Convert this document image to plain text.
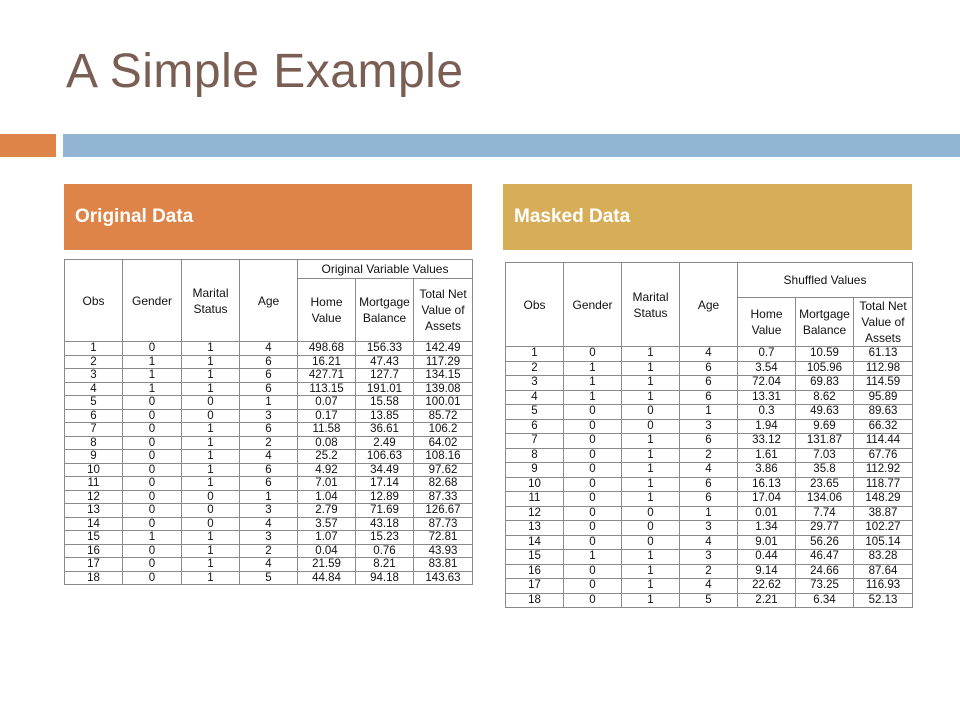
A Simple Example
Original Data	Masked Data
Obs	Gender	Marital Status	Age	Original Variable Values		
				Home Value	Mortgage Balance	Total Net Value of Assets
1	0	1	4	498.68	156.33	142.49
2	1	1	6	16.21	47.43	117.29
3	1	1	6	427.71	127.7	134.15
4	1	1	6	113.15	191.01	139.08
5	0	0	1	0.07	15.58	100.01
6	0	0	3	0.17	13.85	85.72
7	0	1	6	11.58	36.61	106.2
8	0	1	2	0.08	2.49	64.02
9	0	1	4	25.2	106.63	108.16
10	0	1	6	4.92	34.49	97.62
11	0	1	6	7.01	17.14	82.68
12	0	0	1	1.04	12.89	87.33
13	0	0	3	2.79	71.69	126.67
14	0	0	4	3.57	43.18	87.73
15	1	1	3	1.07	15.23	72.81
16	0	1	2	0.04	0.76	43.93
17	0	1	4	21.59	8.21	83.81
18	0	1	5	44.84	94.18	143.63
Obs	Gender	Marital Status	Age	Shuffled Values		
				Home Value	Mortgage Balance	Total Net Value of Assets
1	0	1	4	0.7	10.59	61.13
2	1	1	6	3.54	105.96	112.98
3	1	1	6	72.04	69.83	114.59
4	1	1	6	13.31	8.62	95.89
5	0	0	1	0.3	49.63	89.63
6	0	0	3	1.94	9.69	66.32
7	0	1	6	33.12	131.87	114.44
8	0	1	2	1.61	7.03	67.76
9	0	1	4	3.86	35.8	112.92
10	0	1	6	16.13	23.65	118.77
11	0	1	6	17.04	134.06	148.29
12	0	0	1	0.01	7.74	38.87
13	0	0	3	1.34	29.77	102.27
14	0	0	4	9.01	56.26	105.14
15	1	1	3	0.44	46.47	83.28
16	0	1	2	9.14	24.66	87.64
17	0	1	4	22.62	73.25	116.93
18	0	1	5	2.21	6.34	52.13
